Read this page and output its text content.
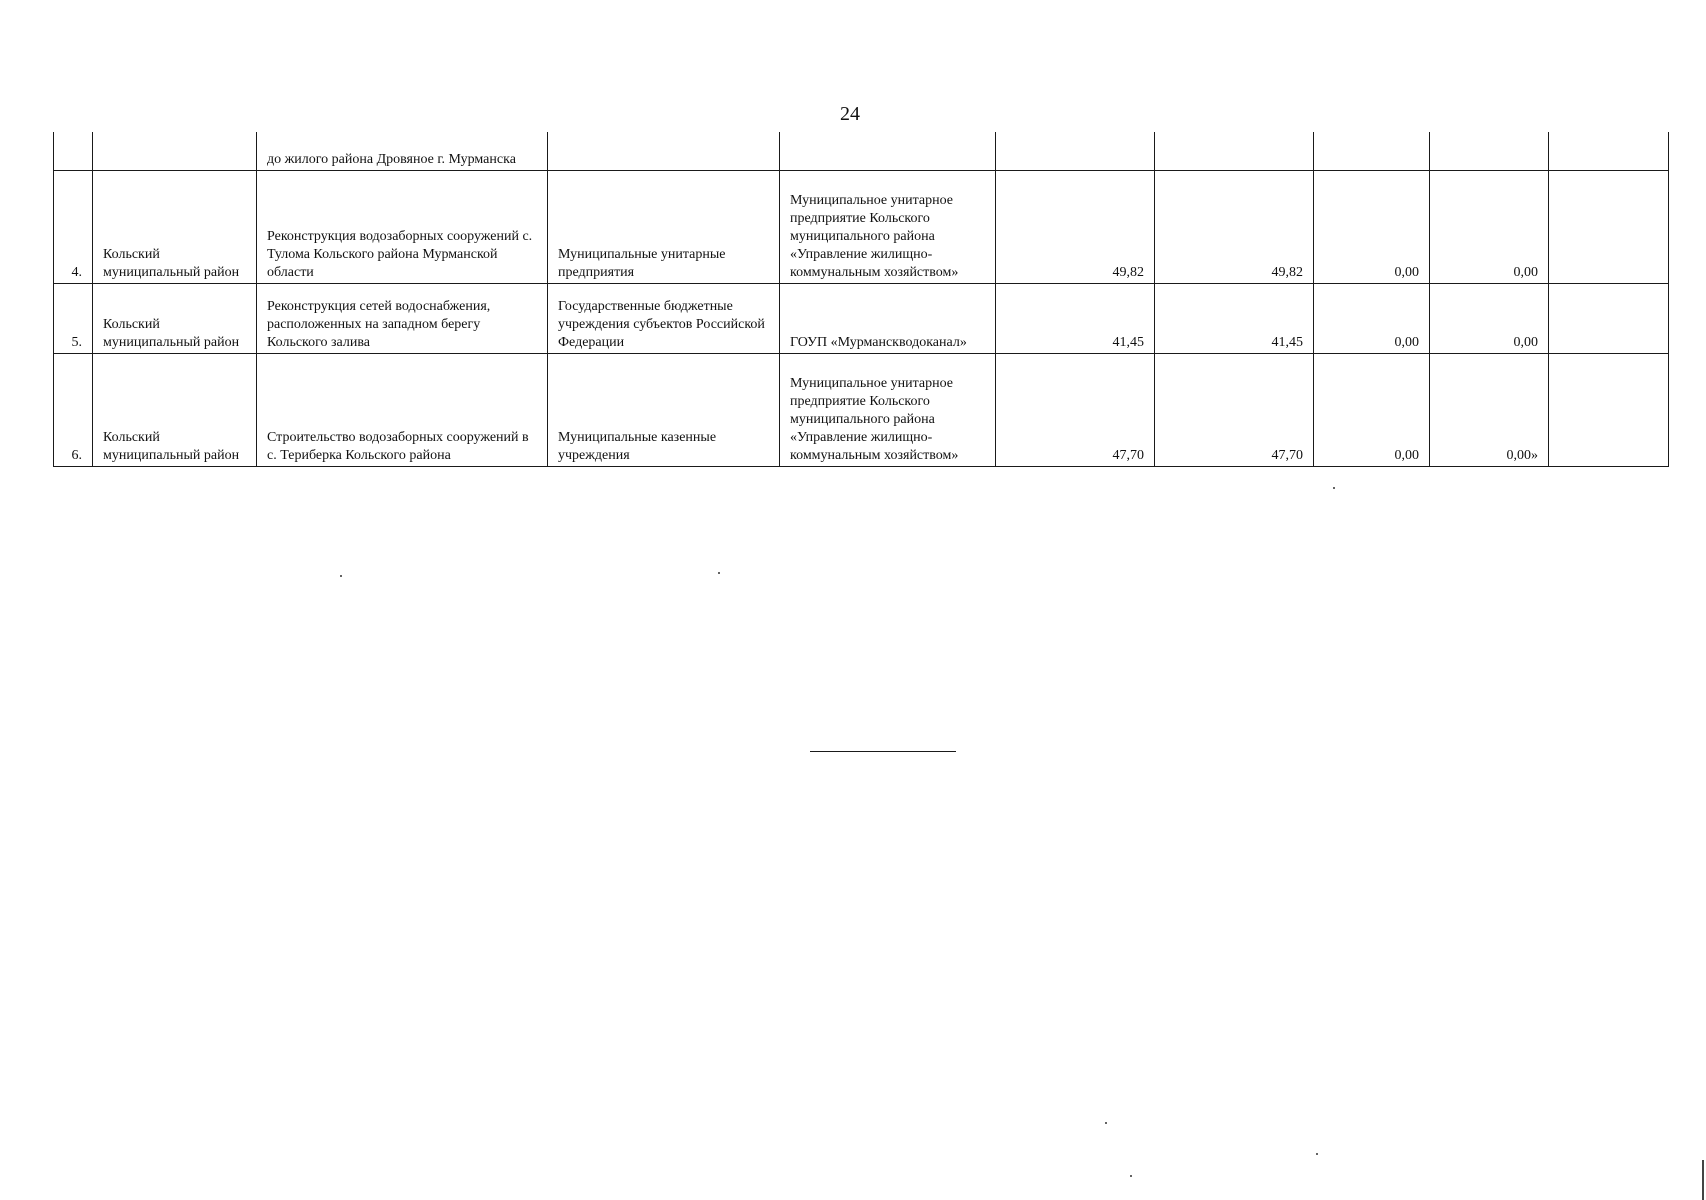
24
		до жилого района Дровяное г. Мурманска							
4.	Кольский муниципальный район	Реконструкция водозаборных сооружений с. Тулома Кольского района Мурманской области	Муниципальные унитарные предприятия	Муниципальное унитарное предприятие Кольского муниципального района «Управление жилищно-коммунальным хозяйством»	49,82	49,82	0,00	0,00	
5.	Кольский муниципальный район	Реконструкция сетей водоснабжения, расположенных на западном берегу Кольского залива	Государственные бюджетные учреждения субъектов Российской Федерации	ГОУП «Мурманскводоканал»	41,45	41,45	0,00	0,00	
6.	Кольский муниципальный район	Строительство водозаборных сооружений в с. Териберка Кольского района	Муниципальные казенные учреждения	Муниципальное унитарное предприятие Кольского муниципального района «Управление жилищно-коммунальным хозяйством»	47,70	47,70	0,00	0,00»	
